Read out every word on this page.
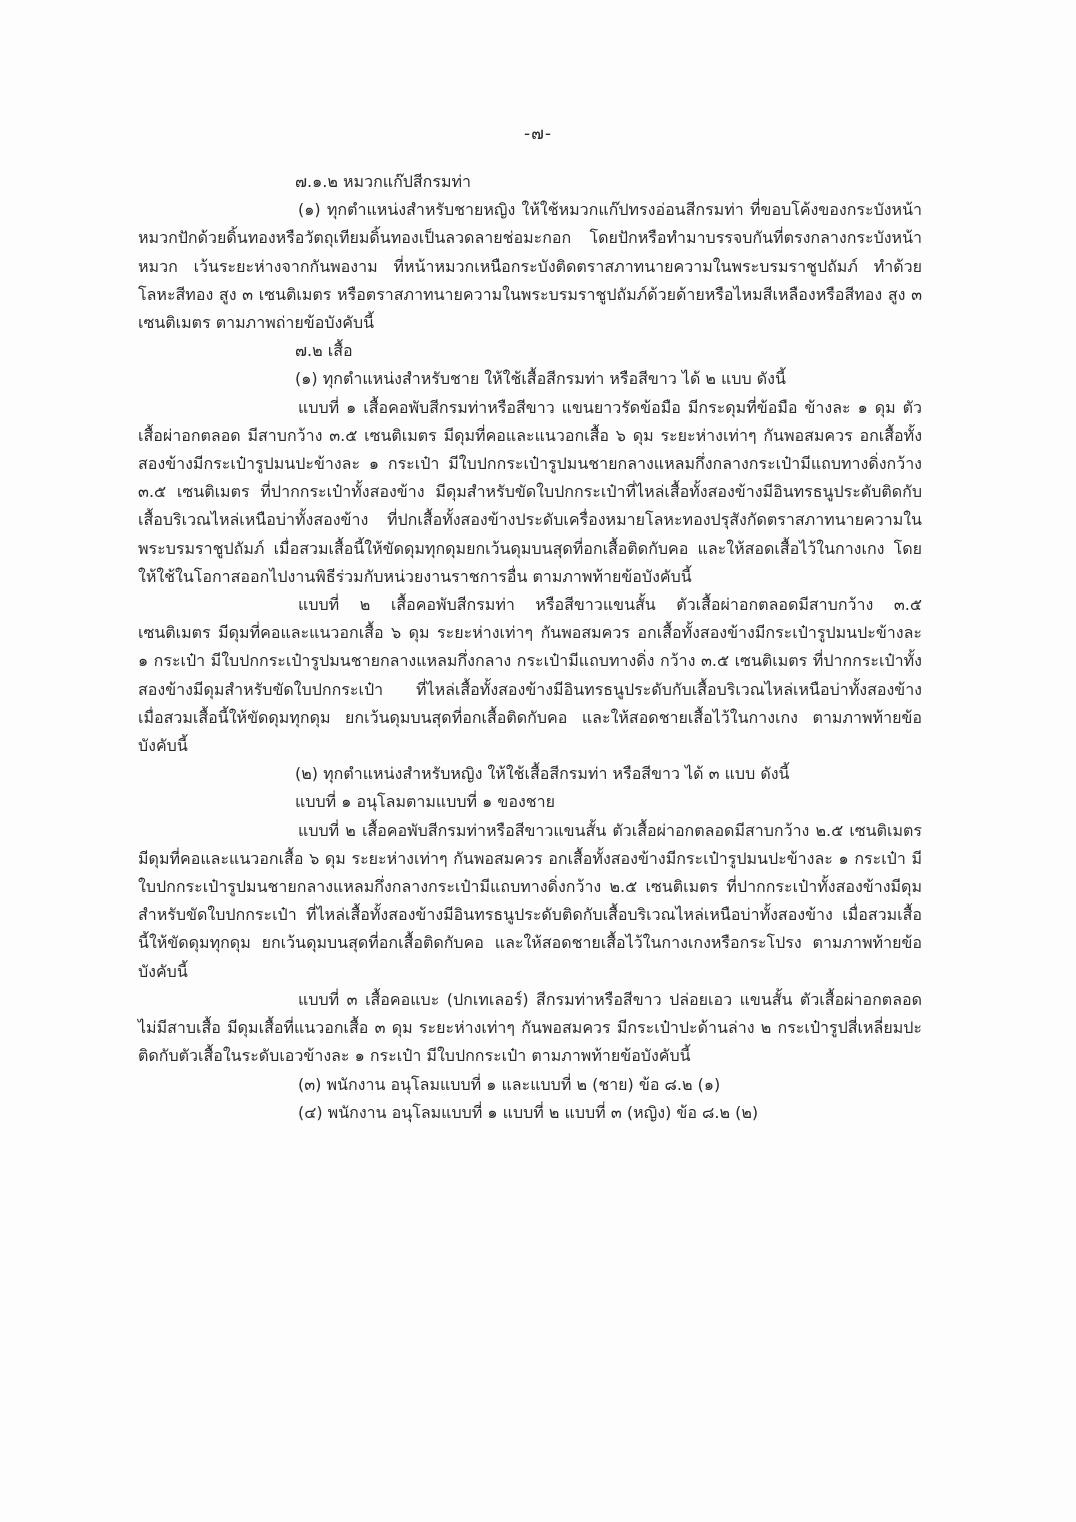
-๗-

๗.๑.๒ หมวกแก๊ปสีกรมท่า

(๑) ทุกตำแหน่งสำหรับชายหญิง ให้ใช้หมวกแก๊ปทรงอ่อนสีกรมท่า ที่ขอบโค้งของกระบังหน้าหมวกปักด้วยดิ้นทองหรือวัตถุเทียมดิ้นทองเป็นลวดลายช่อมะกอก โดยปักหรือทำมาบรรจบกันที่ตรงกลางกระบังหน้าหมวก เว้นระยะห่างจากกันพองาม ที่หน้าหมวกเหนือกระบังติดตราสภาทนายความในพระบรมราชูปถัมภ์ ทำด้วยโลหะสีทอง สูง ๓ เซนติเมตร หรือตราสภาทนายความในพระบรมราชูปถัมภ์ด้วยด้ายหรือไหมสีเหลืองหรือสีทอง สูง ๓ เซนติเมตร ตามภาพถ่ายข้อบังคับนี้

๗.๒ เสื้อ

(๑) ทุกตำแหน่งสำหรับชาย ให้ใช้เสื้อสีกรมท่า หรือสีขาว ได้ ๒ แบบ ดังนี้

แบบที่ ๑ เสื้อคอพับสีกรมท่าหรือสีขาว แขนยาวรัดข้อมือ มีกระดุมที่ข้อมือ ข้างละ ๑ ดุม ตัวเสื้อผ่าอกตลอด มีสาบกว้าง ๓.๕ เซนติเมตร มีดุมที่คอและแนวอกเสื้อ ๖ ดุม ระยะห่างเท่าๆ กันพอสมควร อกเสื้อทั้งสองข้างมีกระเป๋ารูปมนปะข้างละ ๑ กระเป๋า มีใบปกกระเป๋ารูปมนชายกลางแหลมกึ่งกลางกระเป๋ามีแถบทางดิ่งกว้าง ๓.๕ เซนติเมตร ที่ปากกระเป๋าทั้งสองข้าง มีดุมสำหรับขัดใบปกกระเป๋าที่ไหล่เสื้อทั้งสองข้างมีอินทรธนูประดับติดกับเสื้อบริเวณไหล่เหนือบ่าทั้งสองข้าง ที่ปกเสื้อทั้งสองข้างประดับเครื่องหมายโลหะทองปรุสังกัดตราสภาทนายความในพระบรมราชูปถัมภ์ เมื่อสวมเสื้อนี้ให้ขัดดุมทุกดุมยกเว้นดุมบนสุดที่อกเสื้อติดกับคอ และให้สอดเสื้อไว้ในกางเกง โดยให้ใช้ในโอกาสออกไปงานพิธีร่วมกับหน่วยงานราชการอื่น ตามภาพท้ายข้อบังคับนี้

แบบที่ ๒ เสื้อคอพับสีกรมท่า หรือสีขาวแขนสั้น ตัวเสื้อผ่าอกตลอดมีสาบกว้าง ๓.๕ เซนติเมตร มีดุมที่คอและแนวอกเสื้อ ๖ ดุม ระยะห่างเท่าๆ กันพอสมควร อกเสื้อทั้งสองข้างมีกระเป๋ารูปมนปะข้างละ ๑ กระเป๋า มีใบปกกระเป๋ารูปมนชายกลางแหลมกึ่งกลาง กระเป๋ามีแถบทางดิ่ง กว้าง ๓.๕ เซนติเมตร ที่ปากกระเป๋าทั้งสองข้างมีดุมสำหรับขัดใบปกกระเป๋า ที่ไหล่เสื้อทั้งสองข้างมีอินทรธนูประดับกับเสื้อบริเวณไหล่เหนือบ่าทั้งสองข้าง เมื่อสวมเสื้อนี้ให้ขัดดุมทุกดุม ยกเว้นดุมบนสุดที่อกเสื้อติดกับคอ และให้สอดชายเสื้อไว้ในกางเกง ตามภาพท้ายข้อบังคับนี้

(๒) ทุกตำแหน่งสำหรับหญิง ให้ใช้เสื้อสีกรมท่า หรือสีขาว ได้ ๓ แบบ ดังนี้

แบบที่ ๑ อนุโลมตามแบบที่ ๑ ของชาย

แบบที่ ๒ เสื้อคอพับสีกรมท่าหรือสีขาวแขนสั้น ตัวเสื้อผ่าอกตลอดมีสาบกว้าง ๒.๕ เซนติเมตร มีดุมที่คอและแนวอกเสื้อ ๖ ดุม ระยะห่างเท่าๆ กันพอสมควร อกเสื้อทั้งสองข้างมีกระเป๋ารูปมนปะข้างละ ๑ กระเป๋า มีใบปกกระเป๋ารูปมนชายกลางแหลมกึ่งกลางกระเป๋ามีแถบทางดิ่งกว้าง ๒.๕ เซนติเมตร ที่ปากกระเป๋าทั้งสองข้างมีดุมสำหรับขัดใบปกกระเป๋า ที่ไหล่เสื้อทั้งสองข้างมีอินทรธนูประดับติดกับเสื้อบริเวณไหล่เหนือบ่าทั้งสองข้าง เมื่อสวมเสื้อนี้ให้ขัดดุมทุกดุม ยกเว้นดุมบนสุดที่อกเสื้อติดกับคอ และให้สอดชายเสื้อไว้ในกางเกงหรือกระโปรง ตามภาพท้ายข้อบังคับนี้

แบบที่ ๓ เสื้อคอแบะ (ปกเทเลอร์) สีกรมท่าหรือสีขาว ปล่อยเอว แขนสั้น ตัวเสื้อผ่าอกตลอดไม่มีสาบเสื้อ มีดุมเสื้อที่แนวอกเสื้อ ๓ ดุม ระยะห่างเท่าๆ กันพอสมควร มีกระเป๋าปะด้านล่าง ๒ กระเป๋ารูปสี่เหลี่ยมปะติดกับตัวเสื้อในระดับเอวข้างละ ๑ กระเป๋า มีใบปกกระเป๋า ตามภาพท้ายข้อบังคับนี้

(๓) พนักงาน อนุโลมแบบที่ ๑ และแบบที่ ๒ (ชาย) ข้อ ๘.๒ (๑)

(๔) พนักงาน อนุโลมแบบที่ ๑ แบบที่ ๒ แบบที่ ๓ (หญิง) ข้อ ๘.๒ (๒)
